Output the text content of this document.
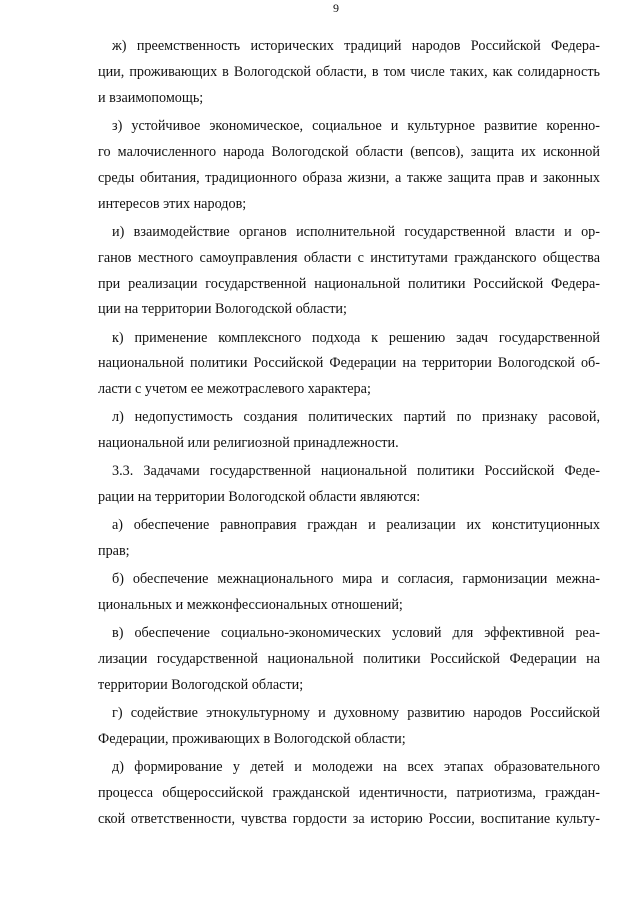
9
ж) преемственность исторических традиций народов Российской Федера-
ции, проживающих в Вологодской области, в том числе таких, как солидарность
и взаимопомощь;
з) устойчивое экономическое, социальное и культурное развитие коренно-
го малочисленного народа Вологодской области (вепсов), защита их исконной
среды обитания, традиционного образа жизни, а также защита прав и законных
интересов этих народов;
и) взаимодействие органов исполнительной государственной власти и ор-
ганов местного самоуправления области с институтами гражданского общества
при реализации государственной национальной политики Российской Федера-
ции на территории Вологодской области;
к) применение комплексного подхода к решению задач государственной
национальной политики Российской Федерации на территории Вологодской об-
ласти с учетом ее межотраслевого характера;
л) недопустимость создания политических партий по признаку расовой,
национальной или религиозной принадлежности.
3.3. Задачами государственной национальной политики Российской Феде-
рации на территории Вологодской области являются:
а) обеспечение равноправия граждан и реализации их конституционных
прав;
б) обеспечение межнационального мира и согласия, гармонизации межна-
циональных и межконфессиональных отношений;
в) обеспечение социально-экономических условий для эффективной реа-
лизации государственной национальной политики Российской Федерации на
территории Вологодской области;
г) содействие этнокультурному и духовному развитию народов Российской
Федерации, проживающих в Вологодской области;
д) формирование у детей и молодежи на всех этапах образовательного
процесса общероссийской гражданской идентичности, патриотизма, граждан-
ской ответственности, чувства гордости за историю России, воспитание культу-
